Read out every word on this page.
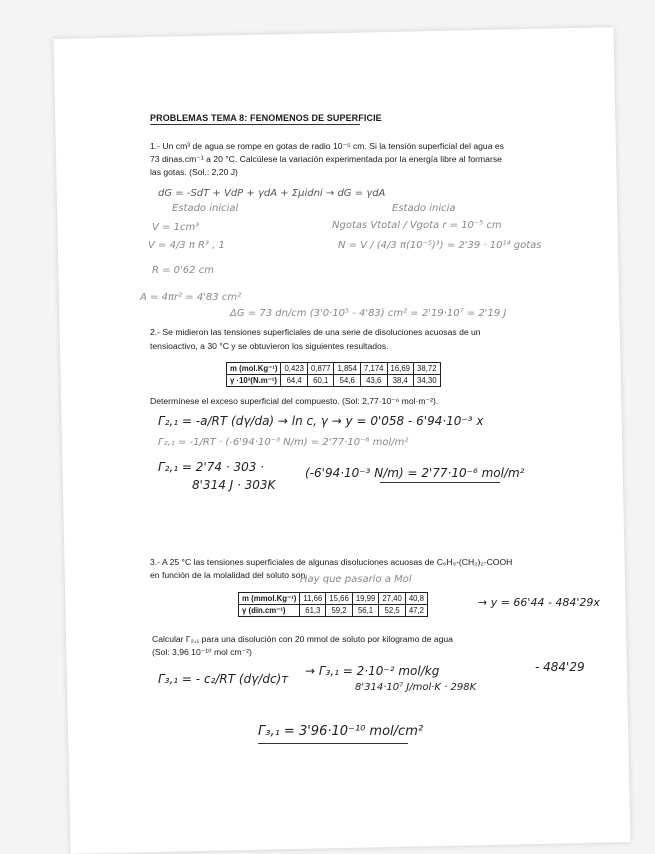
PROBLEMAS TEMA 8: FENOMENOS DE SUPERFICIE
1.- Un cm³ de agua se rompe en gotas de radio 10⁻⁵ cm. Si la tensión superficial del agua es
73 dinas.cm⁻¹ a 20 °C. Calcúlese la variación experimentada por la energía libre al formarse
las gotas. (Sol.: 2,20 J)
dG = -SdT + VdP + γdA + Σμidni → dG = γdA
Estado inicial	Estado inicia
V = 1cm³	Ngotas Vtotal / Vgota r = 10⁻⁵ cm
V = 4/3 π R³ , 1	N = V / (4/3 π(10⁻⁵)³) = 2'39 · 10¹⁴ gotas
R = 0'62 cm
A = 4πr² = 4'83 cm²
ΔG = 73 dn/cm (3'0·10⁵ - 4'83) cm² = 2'19·10⁷ = 2'19 J
2.- Se midieron las tensiones superficiales de una serie de disoluciones acuosas de un
tensioactivo, a 30 °C y se obtuvieron los siguientes resultados.
m (mol.Kg⁻¹)	0,423	0,877	1,854	7,174	16,69	38,72
γ ·10³(N.m⁻¹)	64,4	60,1	54,6	43,6	38,4	34,30
Determínese el exceso superficial del compuesto. (Sol: 2,77·10⁻⁶ mol·m⁻²).
Γ₂,₁ = -a/RT (dγ/da) → ln c, γ → y = 0'058 - 6'94·10⁻³ x
Γ₂,₁ = -1/RT · (-6'94·10⁻³ N/m) = 2'77·10⁻⁶ mol/m²
Γ₂,₁ = 2'74 · 303 ·
8'314 J · 303K
(-6'94·10⁻³ N/m) = 2'77·10⁻⁶ mol/m²
3.- A 25 °C las tensiones superficiales de algunas disoluciones acuosas de C₆H₅-(CH₂)₂-COOH
en función de la molalidad del soluto son
Hay que pasarlo a Mol
m (mmol.Kg⁻¹)	11,66	15,66	19,99	27,40	40,8
γ (din.cm⁻¹)	61,3	59,2	56,1	52,5	47,2
→ y = 66'44 - 484'29x
Calcular Γ₂,₁ para una disolución con 20 mmol de soluto por kilogramo de agua
(Sol: 3,96 10⁻¹⁰ mol cm⁻²)
Γ₃,₁ = - c₂/RT (dγ/dc)ᴛ
→ Γ₃,₁ = 2·10⁻² mol/kg
8'314·10⁷ J/mol·K · 298K
- 484'29
Γ₃,₁ = 3'96·10⁻¹⁰ mol/cm²
